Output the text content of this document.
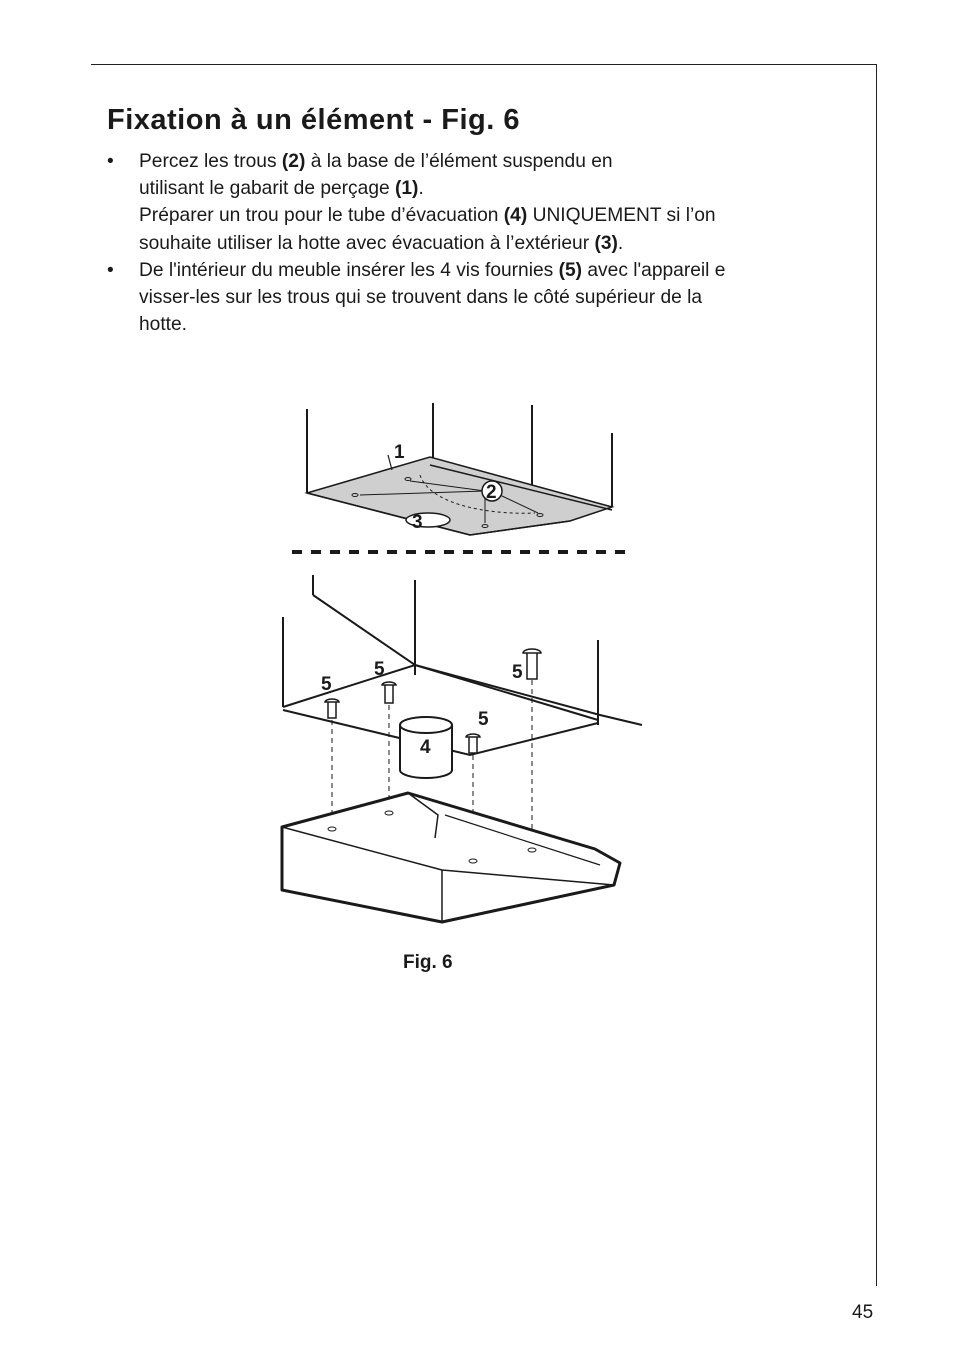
Fixation à un élément - Fig. 6
•	Percez les trous (2) à la base de l’élément suspendu en
utilisant le gabarit de perçage (1).
Préparer un trou pour le tube d’évacuation (4) UNIQUEMENT si l’on
souhaite utiliser la hotte avec évacuation à l’extérieur (3).
•	De l'intérieur du meuble insérer les 4 vis fournies (5) avec l'appareil e
visser-les sur les trous qui se trouvent dans le côté supérieur de la
hotte.
1
2
3
4
5
5
5
5
Fig. 6
45
